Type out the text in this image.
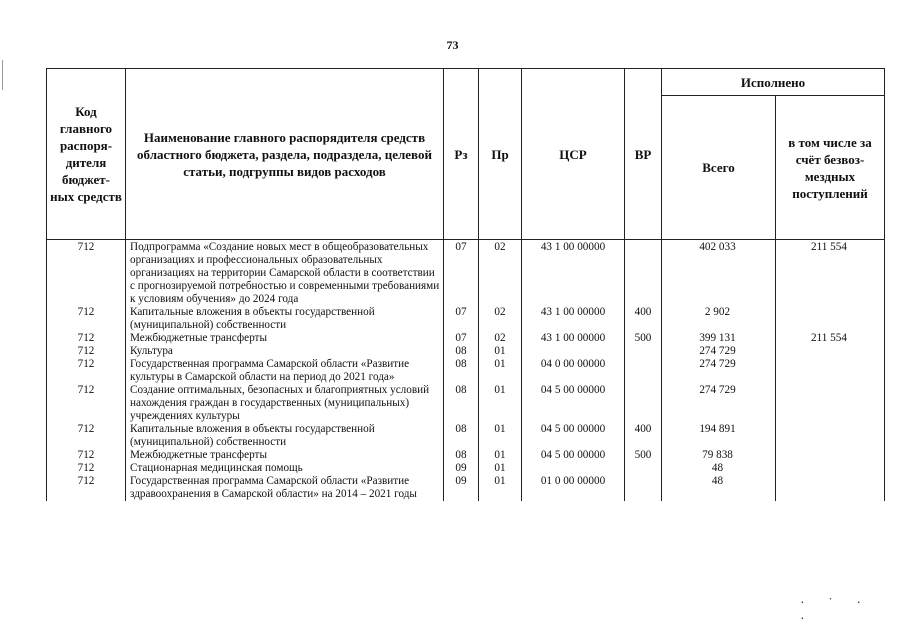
73
Код главного распоря-дителя бюджет-ных средств	Наименование главного распорядителя средств областного бюджета, раздела, подраздела, целевой статьи, подгруппы видов расходов	Рз	Пр	ЦСР	ВР	Исполнено	
						Всего	в том числе за счёт безвоз-мездных поступлений
712	Подпрограмма «Создание новых мест в общеобразовательных организациях и профессиональных образовательных организациях на территории Самарской области в соответствии с прогнозируемой потребностью и современными требованиями к условиям обучения» до 2024 года	07	02	43 1 00 00000		402 033	211 554
712	Капитальные вложения в объекты государственной (муниципальной) собственности	07	02	43 1 00 00000	400	2 902	
712	Межбюджетные трансферты	07	02	43 1 00 00000	500	399 131	211 554
712	Культура	08	01			274 729	
712	Государственная программа Самарской области «Развитие культуры в Самарской области на период до 2021 года»	08	01	04 0 00 00000		274 729	
712	Создание оптимальных, безопасных и благоприятных условий нахождения граждан в государственных (муниципальных) учреждениях культуры	08	01	04 5 00 00000		274 729	
712	Капитальные вложения в объекты государственной (муниципальной) собственности	08	01	04 5 00 00000	400	194 891	
712	Межбюджетные трансферты	08	01	04 5 00 00000	500	79 838	
712	Стационарная медицинская помощь	09	01			48	
712	Государственная программа Самарской области «Развитие здравоохранения в Самарской области» на 2014 – 2021 годы	09	01	01 0 00 00000		48	
· ˙ · ·
